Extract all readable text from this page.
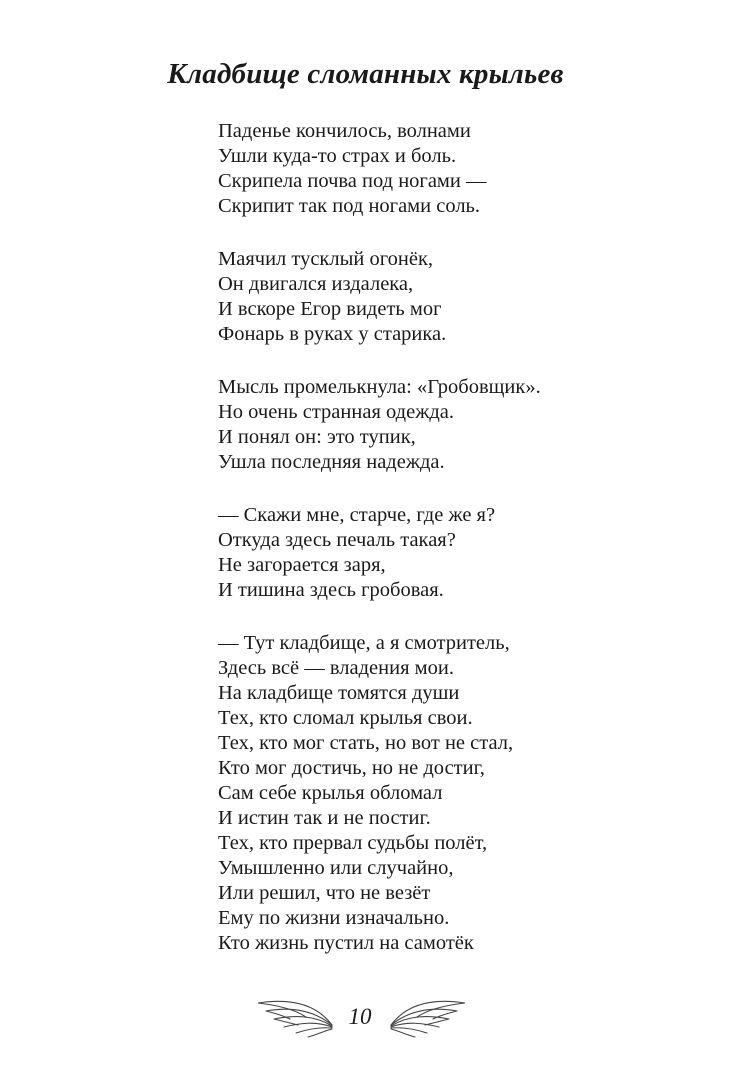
Кладбище сломанных крыльев
Паденье кончилось, волнами
Ушли куда-то страх и боль.
Скрипела почва под ногами —
Скрипит так под ногами соль.
Маячил тусклый огонёк,
Он двигался издалека,
И вскоре Егор видеть мог
Фонарь в руках у старика.
Мысль промелькнула: «Гробовщик».
Но очень странная одежда.
И понял он: это тупик,
Ушла последняя надежда.
— Скажи мне, старче, где же я?
Откуда здесь печаль такая?
Не загорается заря,
И тишина здесь гробовая.
— Тут кладбище, а я смотритель,
Здесь всё — владения мои.
На кладбище томятся души
Тех, кто сломал крылья свои.
Тех, кто мог стать, но вот не стал,
Кто мог достичь, но не достиг,
Сам себе крылья обломал
И истин так и не постиг.
Тех, кто прервал судьбы полёт,
Умышленно или случайно,
Или решил, что не везёт
Ему по жизни изначально.
Кто жизнь пустил на самотёк
10
